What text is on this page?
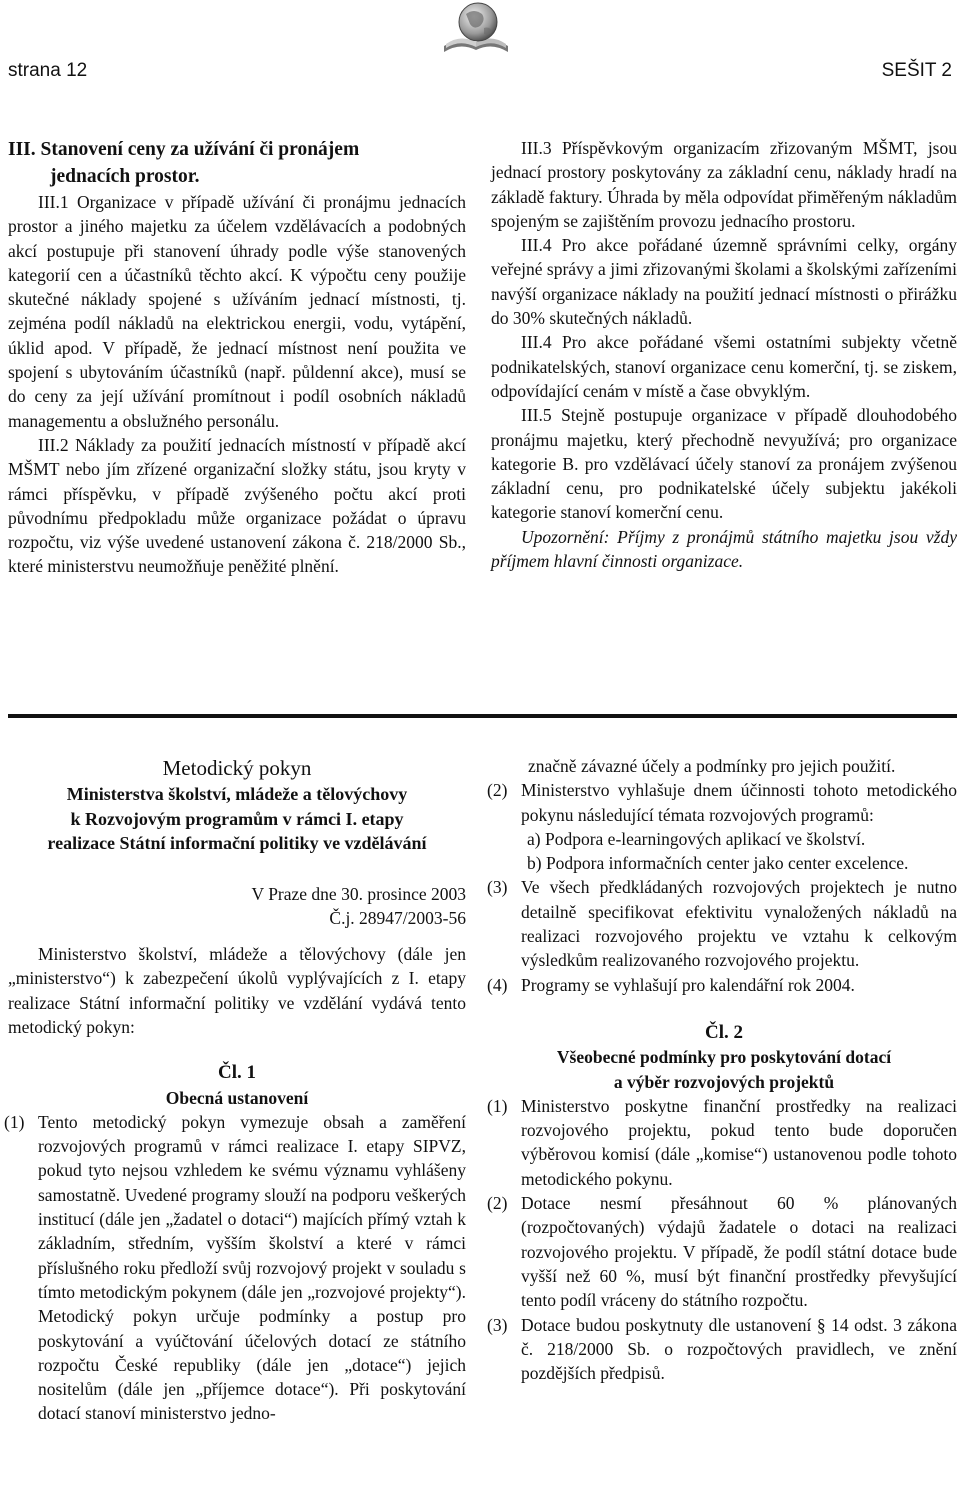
strana 12	SEŠIT 2

III. Stanovení ceny za užívání či pronájem
jednacích prostor.

III.1 Organizace v případě užívání či pronájmu jednacích prostor a jiného majetku za účelem vzdělávacích a podobných akcí postupuje při stanovení úhrady podle výše stanovených kategorií cen a účastníků těchto akcí. K výpočtu ceny použije skutečné náklady spojené s užíváním jednací místnosti, tj. zejména podíl nákladů na elektrickou energii, vodu, vytápění, úklid apod. V případě, že jednací místnost není použita ve spojení s ubytováním účastníků (např. půldenní akce), musí se do ceny za její užívání promítnout i podíl osobních nákladů managementu a obslužného personálu.

III.2 Náklady za použití jednacích místností v případě akcí MŠMT nebo jím zřízené organizační složky státu, jsou kryty v rámci příspěvku, v případě zvýšeného počtu akcí proti původnímu předpokladu může organizace požádat o úpravu rozpočtu, viz výše uvedené ustanovení zákona č. 218/2000 Sb., které ministerstvu neumožňuje peněžité plnění.

III.3 Příspěvkovým organizacím zřizovaným MŠMT, jsou jednací prostory poskytovány za základní cenu, náklady hradí na základě faktury. Úhrada by měla odpovídat přiměřeným nákladům spojeným se zajištěním provozu jednacího prostoru.

III.4 Pro akce pořádané územně správními celky, orgány veřejné správy a jimi zřizovanými školami a školskými zařízeními navýší organizace náklady na použití jednací místnosti o přirážku do 30% skutečných nákladů.

III.4 Pro akce pořádané všemi ostatními subjekty včetně podnikatelských, stanoví organizace cenu komerční, tj. se ziskem, odpovídající cenám v místě a čase obvyklým.

III.5 Stejně postupuje organizace v případě dlouhodobého pronájmu majetku, který přechodně nevyužívá; pro organizace kategorie B. pro vzdělávací účely stanoví za pronájem zvýšenou základní cenu, pro podnikatelské účely subjektu jakékoli kategorie stanoví komerční cenu.

Upozornění: Příjmy z pronájmů státního majetku jsou vždy příjmem hlavní činnosti organizace.

Metodický pokyn

Ministerstva školství, mládeže a tělovýchovy

k Rozvojovým programům v rámci I. etapy

realizace Státní informační politiky ve vzdělávání

V Praze dne 30. prosince 2003

Č.j. 28947/2003-56

Ministerstvo školství, mládeže a tělovýchovy (dále jen „ministerstvo“) k zabezpečení úkolů vyplývajících z I. etapy realizace Státní informační politiky ve vzdělání vydává tento metodický pokyn:

Čl. 1

Obecná ustanovení

(1) Tento metodický pokyn vymezuje obsah a zaměření rozvojových programů v rámci realizace I. etapy SIPVZ, pokud tyto nejsou vzhledem ke svému významu vyhlášeny samostatně. Uvedené programy slouží na podporu veškerých institucí (dále jen „žadatel o dotaci“) majících přímý vztah k základním, středním, vyšším školství a které v rámci příslušného roku předloží svůj rozvojový projekt v souladu s tímto metodickým pokynem (dále jen „rozvojové projekty“). Metodický pokyn určuje podmínky a postup pro poskytování a vyúčtování účelových dotací ze státního rozpočtu České republiky (dále jen „dotace“) jejich nositelům (dále jen „příjemce dotace“). Při poskytování dotací stanoví ministerstvo jedno-

značně závazné účely a podmínky pro jejich použití.

(2) Ministerstvo vyhlašuje dnem účinnosti tohoto metodického pokynu následující témata rozvojových programů:

a) Podpora e-learningových aplikací ve školství.

b) Podpora informačních center jako center excelence.

(3) Ve všech předkládaných rozvojových projektech je nutno detailně specifikovat efektivitu vynaložených nákladů na realizaci rozvojového projektu ve vztahu k celkovým výsledkům realizovaného rozvojového projektu.

(4) Programy se vyhlašují pro kalendářní rok 2004.

Čl. 2

Všeobecné podmínky pro poskytování dotací

a výběr rozvojových projektů

(1) Ministerstvo poskytne finanční prostředky na realizaci rozvojového projektu, pokud tento bude doporučen výběrovou komisí (dále „komise“) ustanovenou podle tohoto metodického pokynu.

(2) Dotace nesmí přesáhnout 60 % plánovaných (rozpočtovaných) výdajů žadatele o dotaci na realizaci rozvojového projektu. V případě, že podíl státní dotace bude vyšší než 60 %, musí být finanční prostředky převyšující tento podíl vráceny do státního rozpočtu.

(3) Dotace budou poskytnuty dle ustanovení § 14 odst. 3 zákona č. 218/2000 Sb. o rozpočtových pravidlech, ve znění pozdějších předpisů.
